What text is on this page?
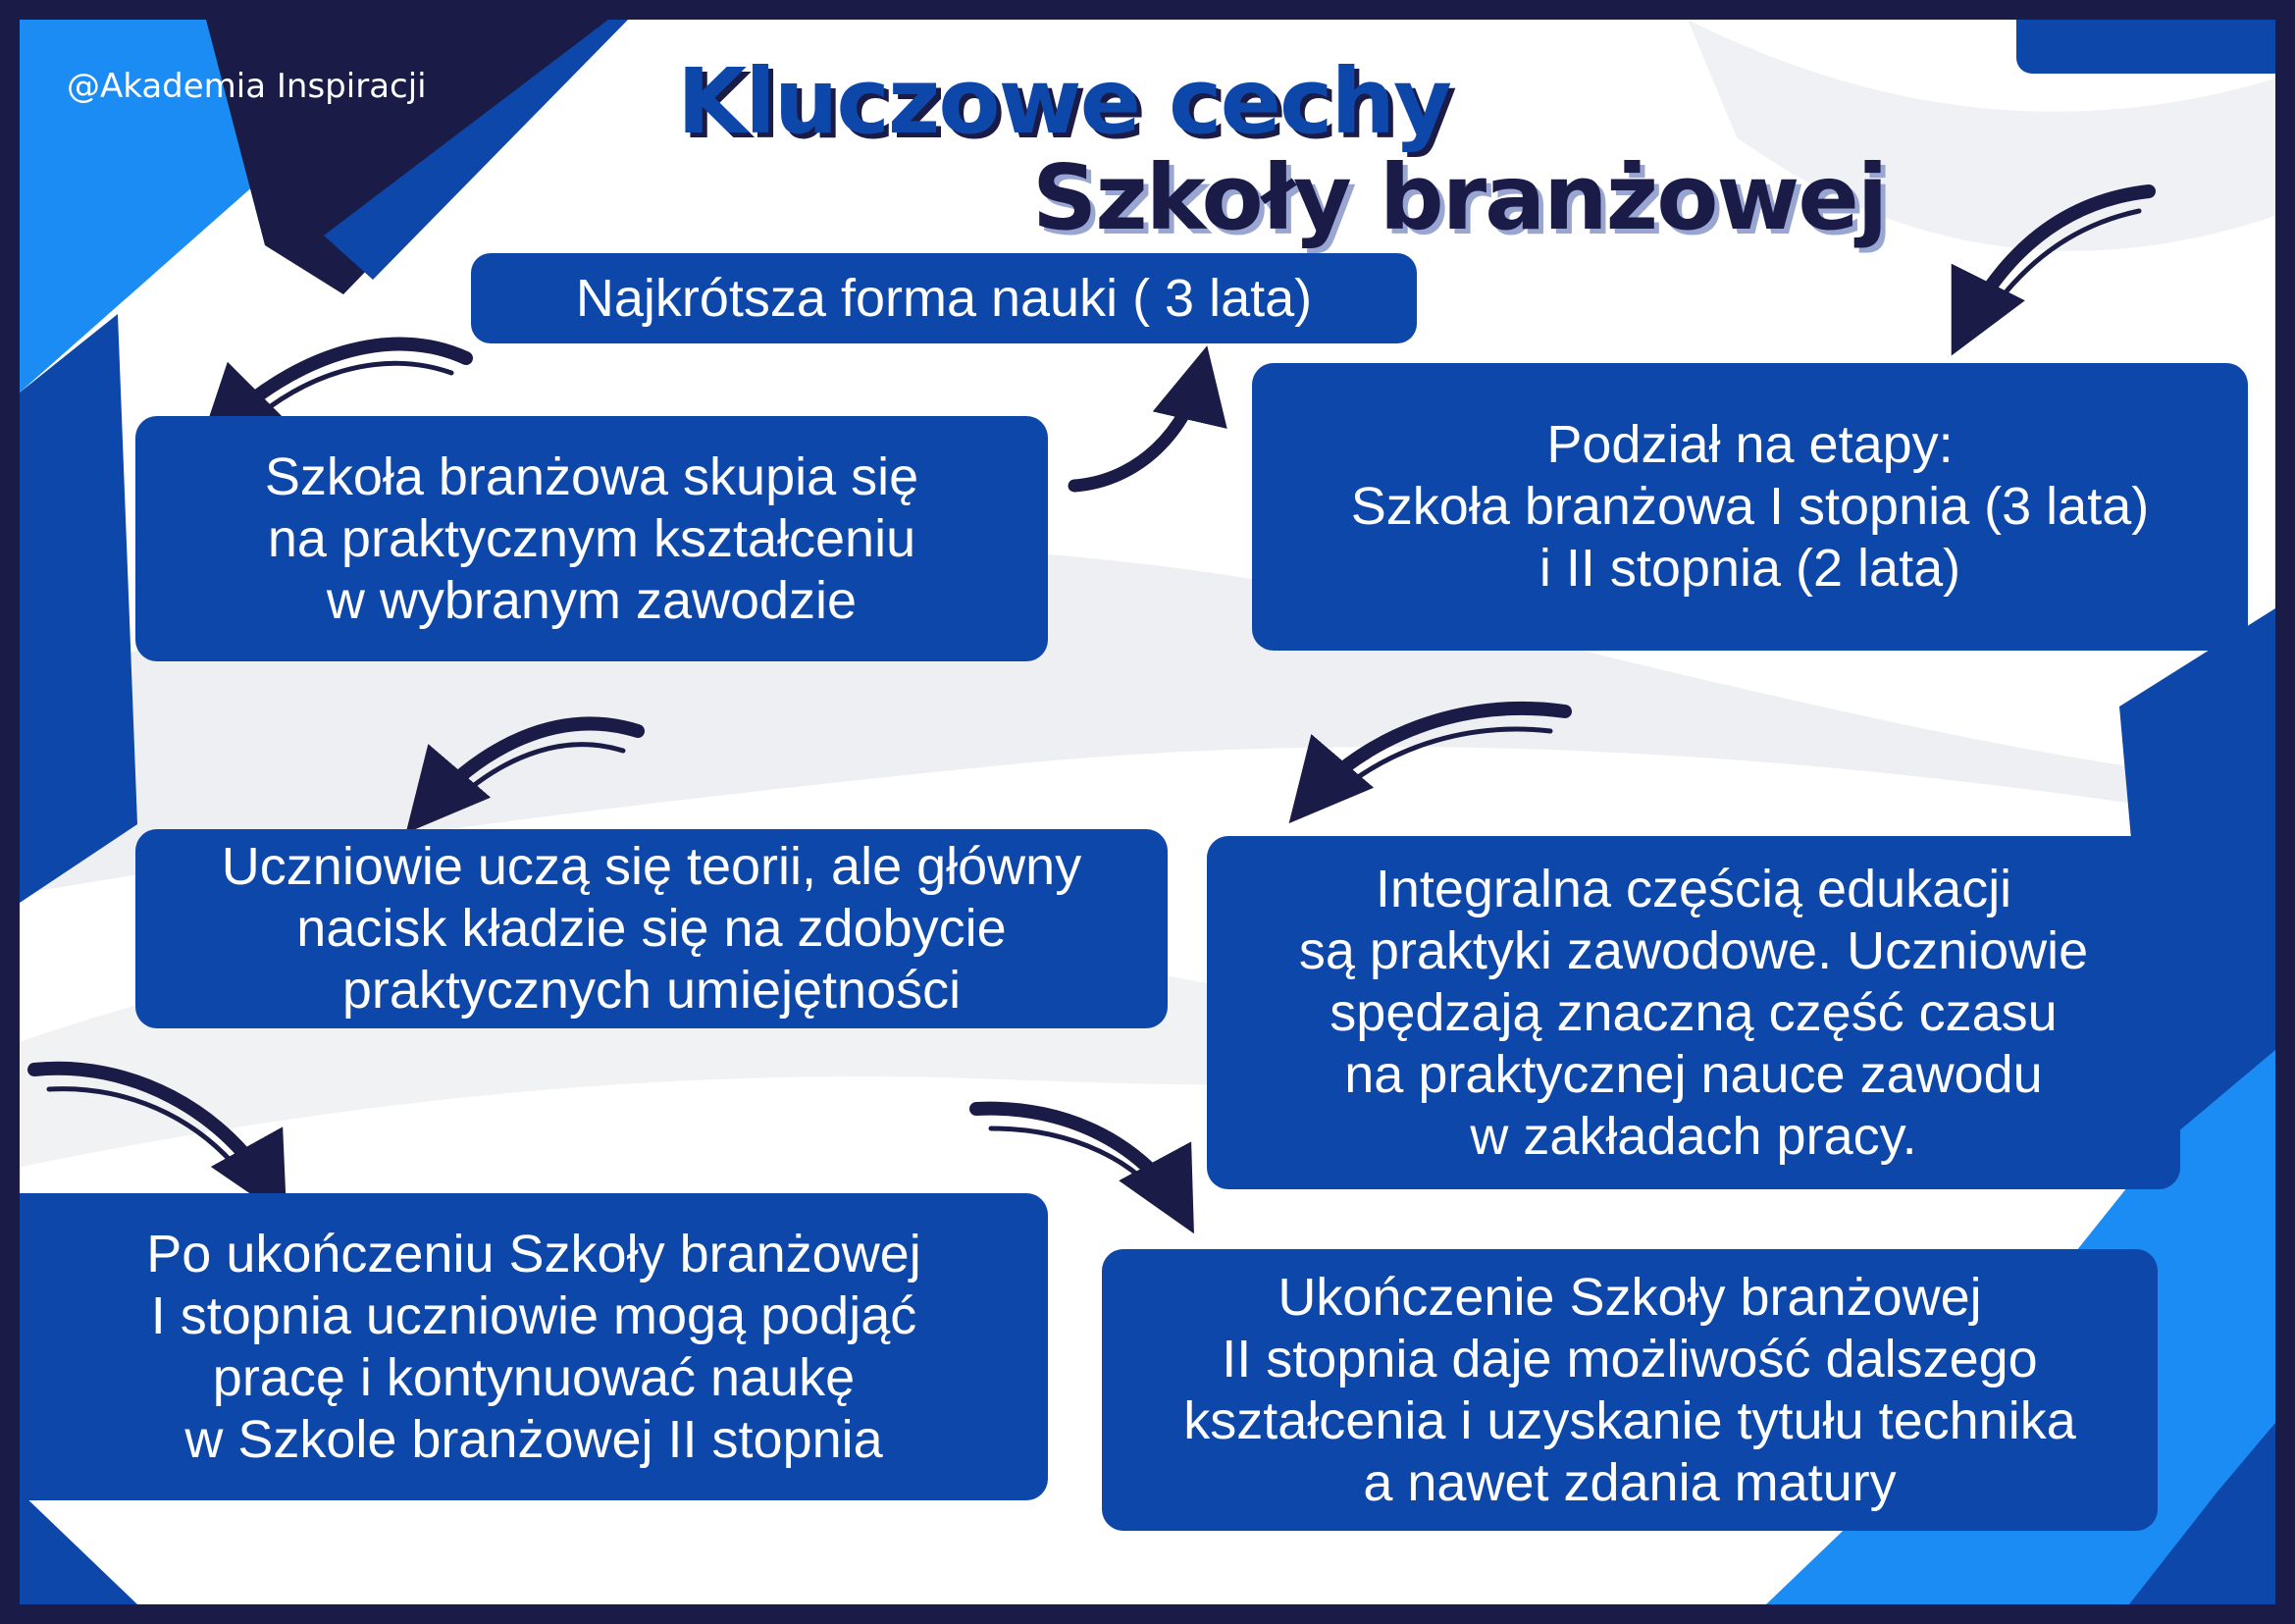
@Akademia Inspiracji	Kluczowe cechy
Szkoły branżowej
Najkrótsza forma nauki ( 3 lata)
Szkoła branżowa skupia się
na praktycznym kształceniu
w wybranym zawodzie
Podział na etapy:
Szkoła branżowa I stopnia (3 lata)
i II stopnia (2 lata)
Uczniowie uczą się teorii, ale główny
nacisk kładzie się na zdobycie
praktycznych umiejętności
Integralna częścią edukacji
są praktyki zawodowe. Uczniowie
spędzają znaczną część czasu
na praktycznej nauce zawodu
w zakładach pracy.
Po ukończeniu Szkoły branżowej
I stopnia uczniowie mogą podjąć
pracę i kontynuować naukę
w Szkole branżowej II stopnia
Ukończenie Szkoły branżowej
II stopnia daje możliwość dalszego
kształcenia i uzyskanie tytułu technika
a nawet zdania matury
